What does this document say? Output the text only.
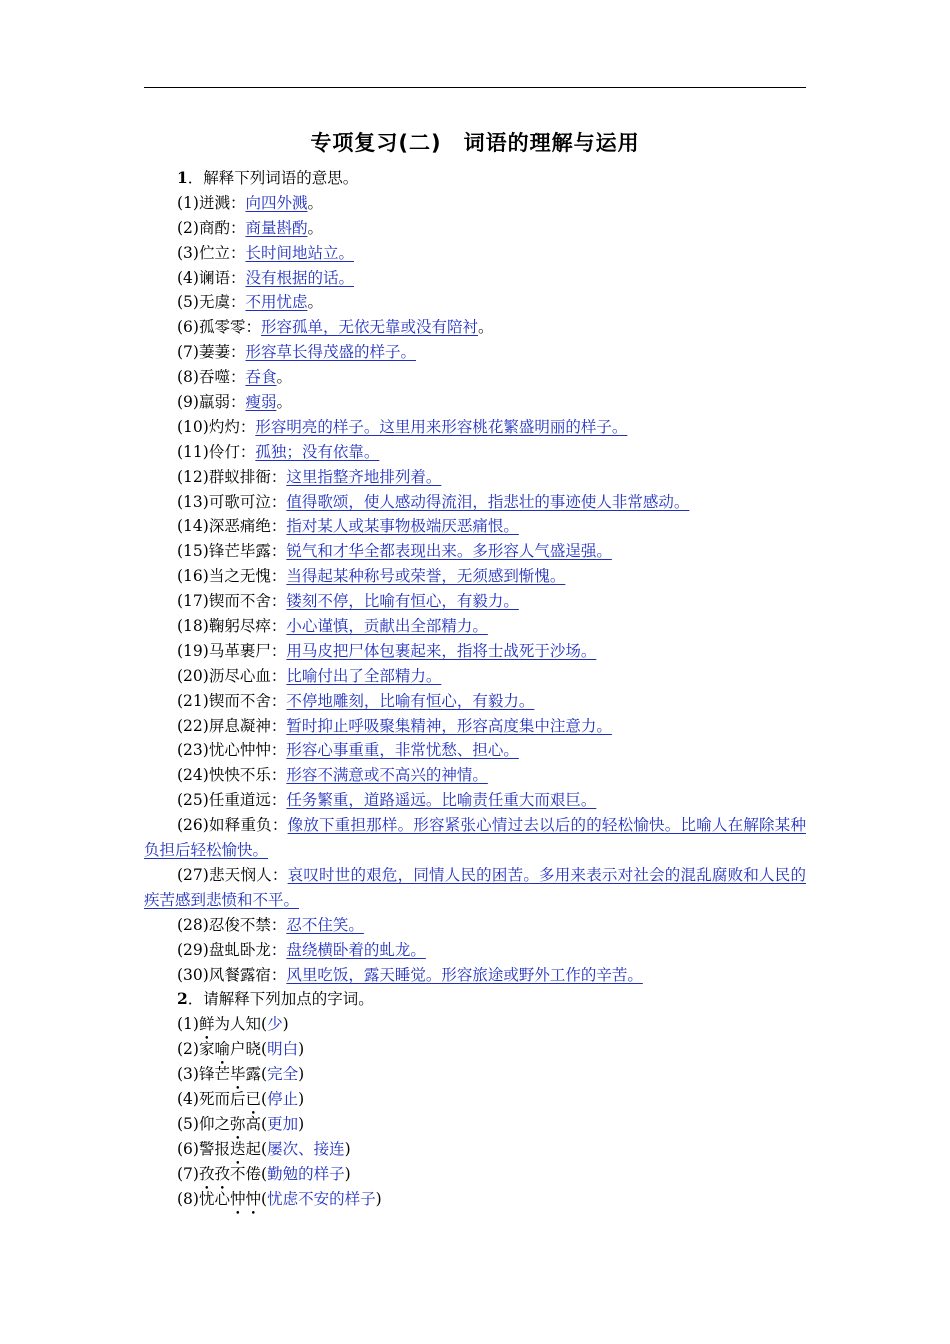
专项复习(二)　词语的理解与运用
1．解释下列词语的意思。
(1)迸溅：向四外溅。
(2)商酌：商量斟酌。
(3)伫立：长时间地站立。
(4)谰语：没有根据的话。
(5)无虞：不用忧虑。
(6)孤零零：形容孤单，无依无靠或没有陪衬。
(7)萋萋：形容草长得茂盛的样子。
(8)吞噬：吞食。
(9)羸弱：瘦弱。
(10)灼灼：形容明亮的样子。这里用来形容桃花繁盛明丽的样子。
(11)伶仃：孤独；没有依靠。
(12)群蚁排衙：这里指整齐地排列着。
(13)可歌可泣：值得歌颂，使人感动得流泪，指悲壮的事迹使人非常感动。
(14)深恶痛绝：指对某人或某事物极端厌恶痛恨。
(15)锋芒毕露：锐气和才华全都表现出来。多形容人气盛逞强。
(16)当之无愧：当得起某种称号或荣誉，无须感到惭愧。
(17)锲而不舍：镂刻不停，比喻有恒心，有毅力。
(18)鞠躬尽瘁：小心谨慎，贡献出全部精力。
(19)马革裹尸：用马皮把尸体包裹起来，指将士战死于沙场。
(20)沥尽心血：比喻付出了全部精力。
(21)锲而不舍：不停地雕刻，比喻有恒心，有毅力。
(22)屏息凝神：暂时抑止呼吸聚集精神，形容高度集中注意力。
(23)忧心忡忡：形容心事重重，非常忧愁、担心。
(24)怏怏不乐：形容不满意或不高兴的神情。
(25)任重道远：任务繁重，道路遥远。比喻责任重大而艰巨。
(26)如释重负：像放下重担那样。形容紧张心情过去以后的的轻松愉快。比喻人在解除某种负担后轻松愉快。
(27)悲天悯人：哀叹时世的艰危，同情人民的困苦。多用来表示对社会的混乱腐败和人民的疾苦感到悲愤和不平。
(28)忍俊不禁：忍不住笑。
(29)盘虬卧龙：盘绕横卧着的虬龙。
(30)风餐露宿：风里吃饭，露天睡觉。形容旅途或野外工作的辛苦。
2．请解释下列加点的字词。
(1)鲜为人知(少)
(2)家喻户晓(明白)
(3)锋芒毕露(完全)
(4)死而后已(停止)
(5)仰之弥高(更加)
(6)警报迭起(屡次、接连)
(7)孜孜不倦(勤勉的样子)
(8)忧心忡忡(忧虑不安的样子)
